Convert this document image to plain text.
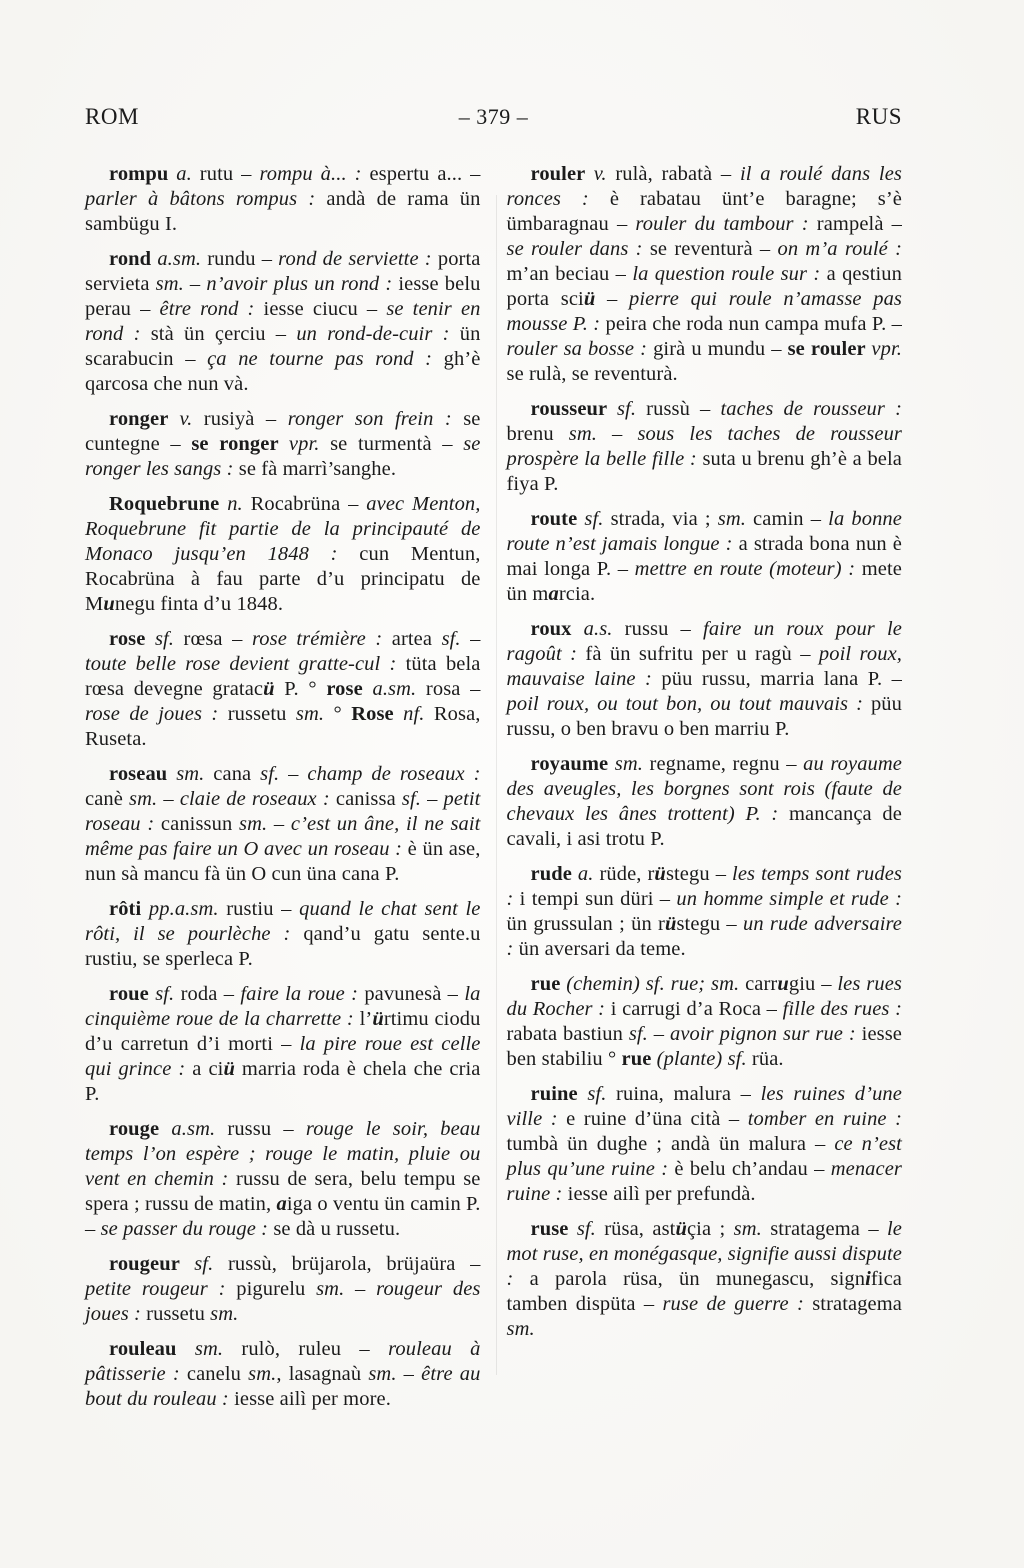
ROM	– 379 –	RUS

rompu a. rutu – rompu à... : espertu a... – parler à bâtons rompus : andà de rama ün sambügu I.

rond a.sm. rundu – rond de serviette : porta servieta sm. – n’avoir plus un rond : iesse belu perau – être rond : iesse ciucu – se tenir en rond : stà ün çerciu – un rond-de-cuir : ün scarabucin – ça ne tourne pas rond : gh’è qarcosa che nun và.

ronger v. rusiyà – ronger son frein : se cuntegne – se ronger vpr. se turmentà – se ronger les sangs : se fà marrì’sanghe.

Roquebrune n. Rocabrüna – avec Menton, Roquebrune fit partie de la principauté de Monaco jusqu’en 1848 : cun Mentun, Rocabrüna à fau parte d’u principatu de Munegu finta d’u 1848.

rose sf. rœsa – rose trémière : artea sf. – toute belle rose devient gratte-cul : tüta bela rœsa devegne gratacü P. ° rose a.sm. rosa – rose de joues : russetu sm. ° Rose nf. Rosa, Ruseta.

roseau sm. cana sf. – champ de roseaux : canè sm. – claie de roseaux : canissa sf. – petit roseau : canissun sm. – c’est un âne, il ne sait même pas faire un O avec un roseau : è ün ase, nun sà mancu fà ün O cun üna cana P.

rôti pp.a.sm. rustiu – quand le chat sent le rôti, il se pourlèche : qand’u gatu sente.u rustiu, se sperleca P.

roue sf. roda – faire la roue : pavunesà – la cinquième roue de la charrette : l’ürtimu ciodu d’u carretun d’i morti – la pire roue est celle qui grince : a ciü marria roda è chela che cria P.

rouge a.sm. russu – rouge le soir, beau temps l’on espère ; rouge le matin, pluie ou vent en chemin : russu de sera, belu tempu se spera ; russu de matin, aiga o ventu ün camin P. – se passer du rouge : se dà u russetu.

rougeur sf. russù, brüjarola, brüjaüra – petite rougeur : pigurelu sm. – rougeur des joues : russetu sm.

rouleau sm. rulò, ruleu – rouleau à pâtisserie : canelu sm., lasagnaù sm. – être au bout du rouleau : iesse ailì per more.

rouler v. rulà, rabatà – il a roulé dans les ronces : è rabatau ünt’e baragne; s’è ümbaragnau – rouler du tambour : rampelà – se rouler dans : se reventurà – on m’a roulé : m’an beciau – la question roule sur : a qestiun porta sciü – pierre qui roule n’amasse pas mousse P. : peira che roda nun campa mufa P. – rouler sa bosse : girà u mundu – se rouler vpr. se rulà, se reventurà.

rousseur sf. russù – taches de rousseur : brenu sm. – sous les taches de rousseur prospère la belle fille : suta u brenu gh’è a bela fiya P.

route sf. strada, via ; sm. camin – la bonne route n’est jamais longue : a strada bona nun è mai longa P. – mettre en route (moteur) : mete ün marcia.

roux a.s. russu – faire un roux pour le ragoût : fà ün sufritu per u ragù – poil roux, mauvaise laine : püu russu, marria lana P. – poil roux, ou tout bon, ou tout mauvais : püu russu, o ben bravu o ben marriu P.

royaume sm. regname, regnu – au royaume des aveugles, les borgnes sont rois (faute de chevaux les ânes trottent) P. : mancança de cavali, i asi trotu P.

rude a. rüde, rüstegu – les temps sont rudes : i tempi sun düri – un homme simple et rude : ün grussulan ; ün rüstegu – un rude adversaire : ün aversari da teme.

rue (chemin) sf. rue; sm. carrugiu – les rues du Rocher : i carrugi d’a Roca – fille des rues : rabata bastiun sf. – avoir pignon sur rue : iesse ben stabiliu ° rue (plante) sf. rüa.

ruine sf. ruina, malura – les ruines d’une ville : e ruine d’üna cità – tomber en ruine : tumbà ün dughe ; andà ün malura – ce n’est plus qu’une ruine : è belu ch’andau – menacer ruine : iesse ailì per prefundà.

ruse sf. rüsa, astüçia ; sm. stratagema – le mot ruse, en monégasque, signifie aussi dispute : a parola rüsa, ün munegascu, significa tamben dispüta – ruse de guerre : stratagema sm.
